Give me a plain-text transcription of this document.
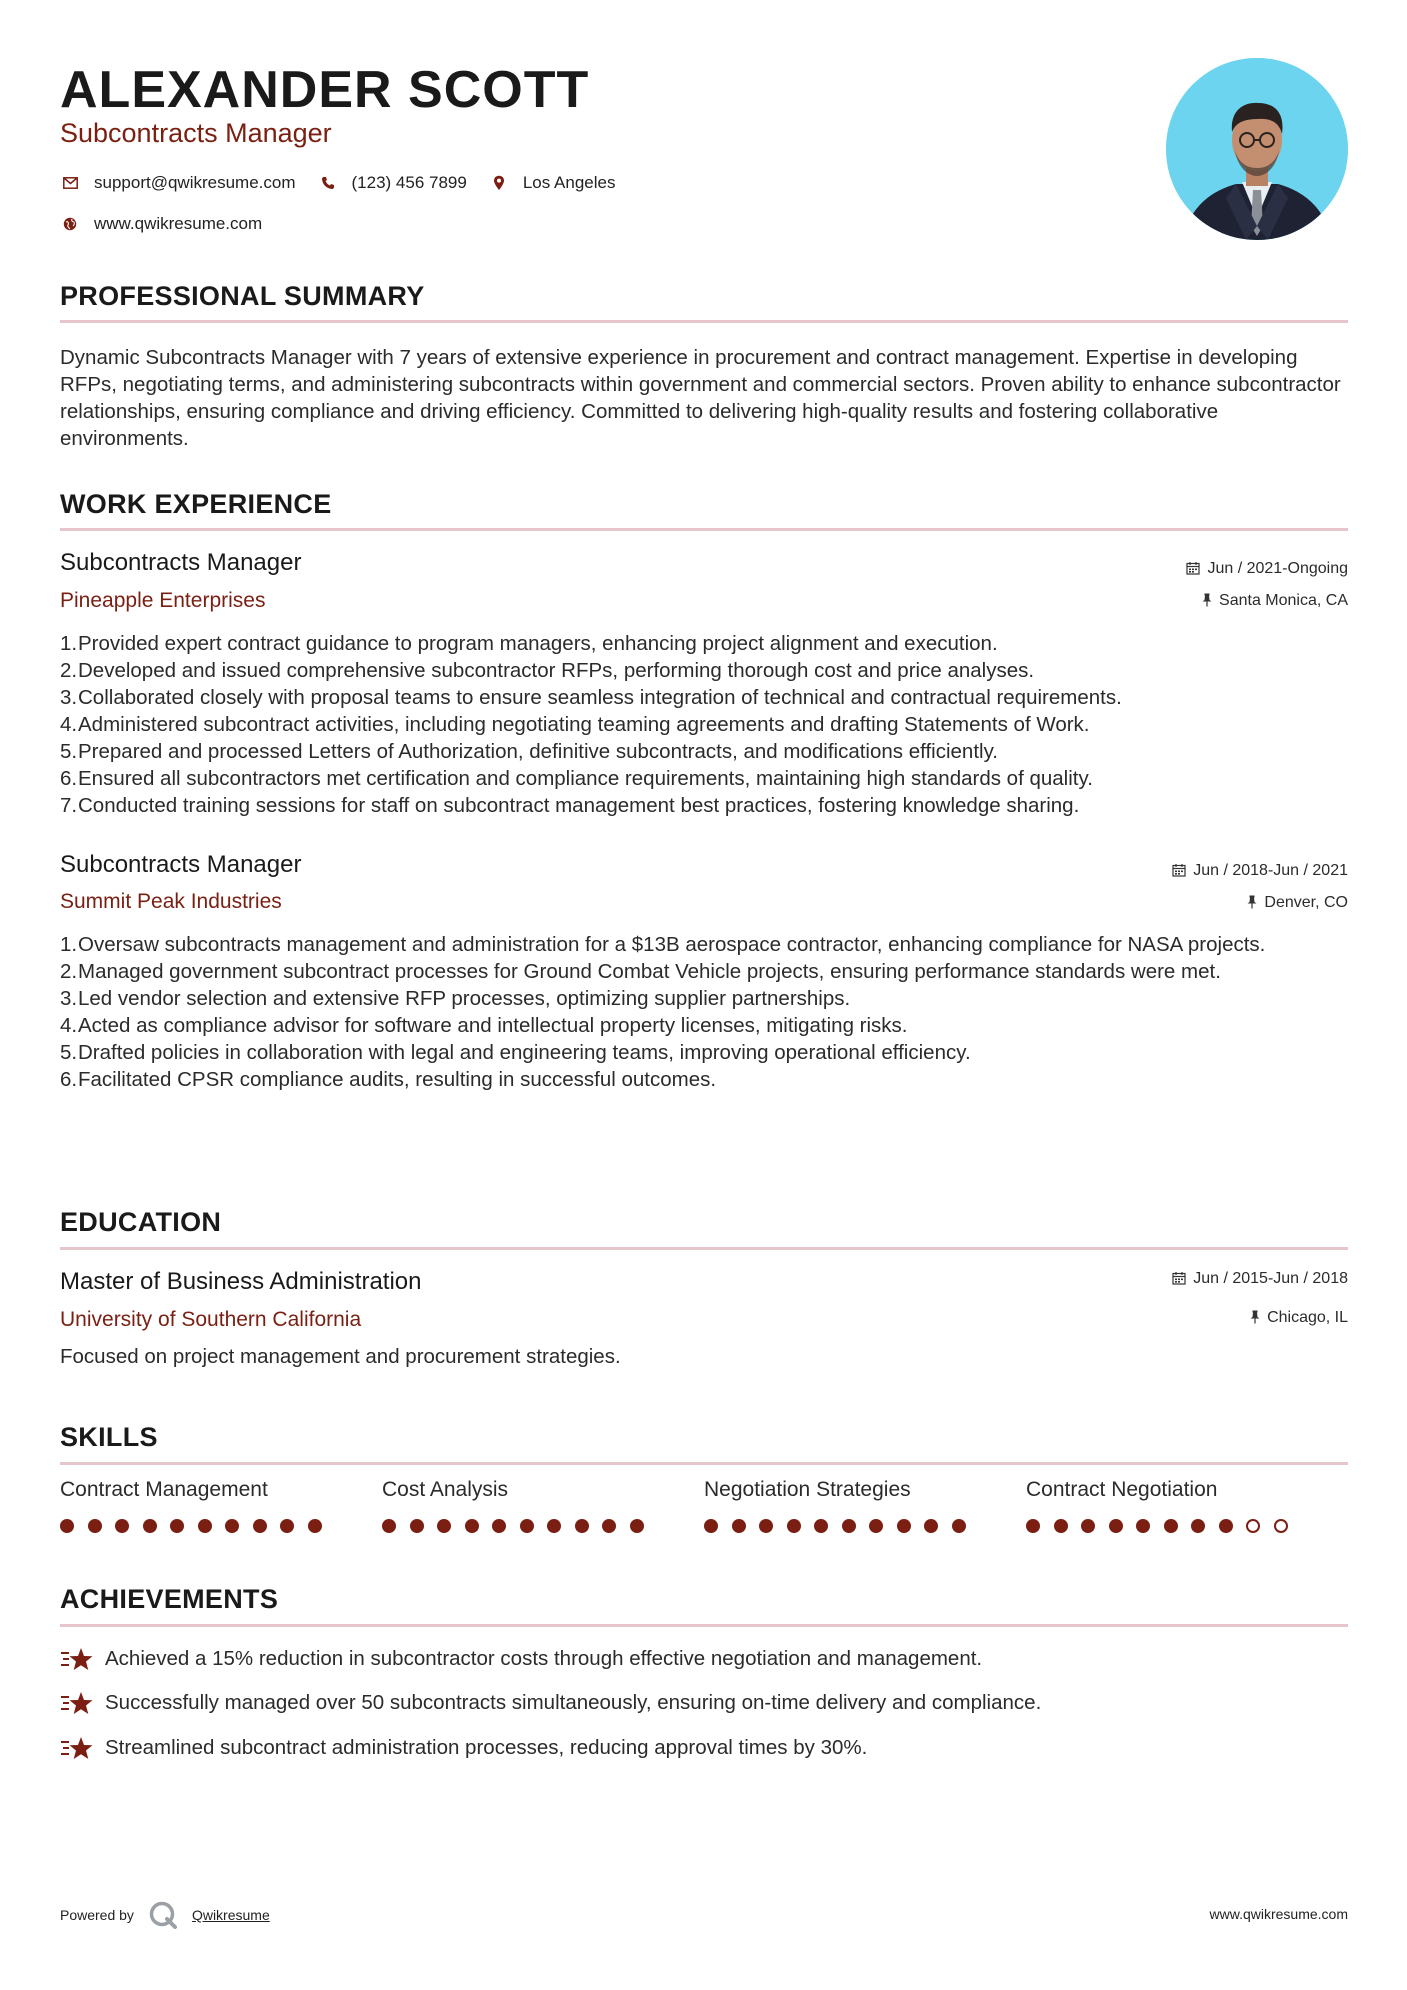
ALEXANDER SCOTT
Subcontracts Manager
support@qwikresume.com	(123) 456 7899	Los Angeles
www.qwikresume.com
PROFESSIONAL SUMMARY
Dynamic Subcontracts Manager with 7 years of extensive experience in procurement and contract management. Expertise in developing RFPs, negotiating terms, and administering subcontracts within government and commercial sectors. Proven ability to enhance subcontractor relationships, ensuring compliance and driving efficiency. Committed to delivering high-quality results and fostering collaborative environments.
WORK EXPERIENCE
Subcontracts Manager	Jun / 2021-Ongoing
Pineapple Enterprises	Santa Monica, CA
1. Provided expert contract guidance to program managers, enhancing project alignment and execution.
2. Developed and issued comprehensive subcontractor RFPs, performing thorough cost and price analyses.
3. Collaborated closely with proposal teams to ensure seamless integration of technical and contractual requirements.
4. Administered subcontract activities, including negotiating teaming agreements and drafting Statements of Work.
5. Prepared and processed Letters of Authorization, definitive subcontracts, and modifications efficiently.
6. Ensured all subcontractors met certification and compliance requirements, maintaining high standards of quality.
7. Conducted training sessions for staff on subcontract management best practices, fostering knowledge sharing.
Subcontracts Manager	Jun / 2018-Jun / 2021
Summit Peak Industries	Denver, CO
1. Oversaw subcontracts management and administration for a $13B aerospace contractor, enhancing compliance for NASA projects.
2. Managed government subcontract processes for Ground Combat Vehicle projects, ensuring performance standards were met.
3. Led vendor selection and extensive RFP processes, optimizing supplier partnerships.
4. Acted as compliance advisor for software and intellectual property licenses, mitigating risks.
5. Drafted policies in collaboration with legal and engineering teams, improving operational efficiency.
6. Facilitated CPSR compliance audits, resulting in successful outcomes.
EDUCATION
Master of Business Administration	Jun / 2015-Jun / 2018
University of Southern California	Chicago, IL
Focused on project management and procurement strategies.
SKILLS
Contract Management	Cost Analysis	Negotiation Strategies	Contract Negotiation
ACHIEVEMENTS
Achieved a 15% reduction in subcontractor costs through effective negotiation and management.
Successfully managed over 50 subcontracts simultaneously, ensuring on-time delivery and compliance.
Streamlined subcontract administration processes, reducing approval times by 30%.
Powered by	Qwikresume	www.qwikresume.com
